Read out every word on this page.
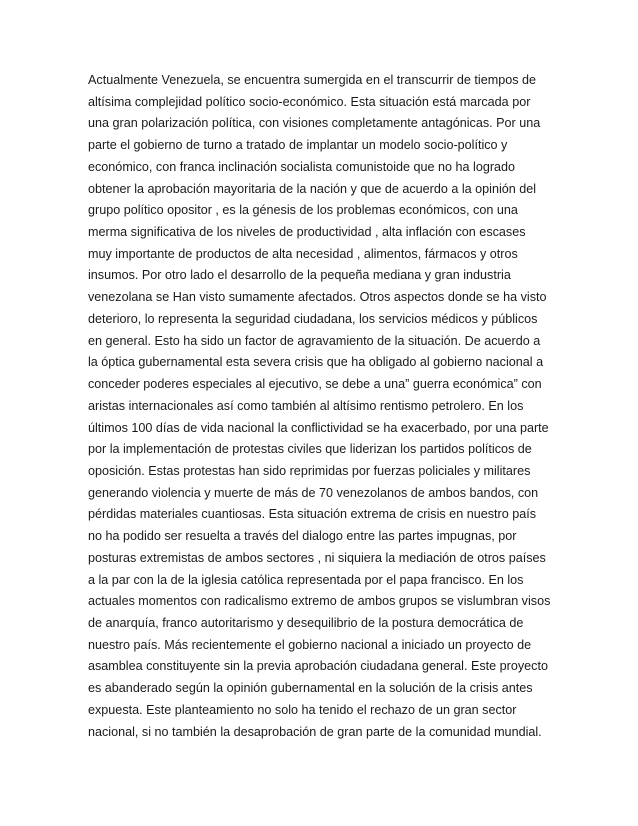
Actualmente Venezuela, se encuentra sumergida en el transcurrir de tiempos de
altísima complejidad político socio-económico. Esta situación está marcada por
una gran polarización política, con visiones completamente antagónicas. Por una
parte el gobierno de turno a tratado de implantar un modelo socio-político y
económico, con franca inclinación socialista comunistoide que no ha logrado
obtener la aprobación mayoritaria de la nación y que de acuerdo a la opinión del
grupo político opositor , es la génesis de los problemas económicos, con una
merma significativa de los niveles de productividad , alta inflación con escases
muy importante de productos de alta necesidad , alimentos, fármacos y otros
insumos. Por otro lado el desarrollo de la pequeña mediana y gran industria
venezolana se Han visto sumamente afectados. Otros aspectos donde se ha visto
deterioro, lo representa la seguridad ciudadana, los servicios médicos y públicos
en general. Esto ha sido un factor de agravamiento de la situación. De acuerdo a
la óptica gubernamental esta severa crisis que ha obligado al gobierno nacional a
conceder poderes especiales al ejecutivo, se debe a una” guerra económica” con
aristas internacionales así como también al altísimo rentismo petrolero. En los
últimos 100 días de vida nacional la conflictividad se ha exacerbado, por una parte
por la implementación de protestas civiles que liderizan los partidos políticos de
oposición. Estas protestas han sido reprimidas por fuerzas policiales y militares
generando violencia y muerte de más de 70 venezolanos de ambos bandos, con
pérdidas materiales cuantiosas. Esta situación extrema de crisis en nuestro país
no ha podido ser resuelta a través del dialogo entre las partes impugnas, por
posturas extremistas de ambos sectores , ni siquiera la mediación de otros países
a la par con la de la iglesia católica representada por el papa francisco. En los
actuales momentos con radicalismo extremo de ambos grupos se vislumbran visos
de anarquía, franco autoritarismo y desequilibrio de la postura democrática de
nuestro país. Más recientemente el gobierno nacional a iniciado un proyecto de
asamblea constituyente sin la previa aprobación ciudadana general. Este proyecto
es abanderado según la opinión gubernamental en la solución de la crisis antes
expuesta. Este planteamiento no solo ha tenido el rechazo de un gran sector
nacional, si no también la desaprobación de gran parte de la comunidad mundial.
